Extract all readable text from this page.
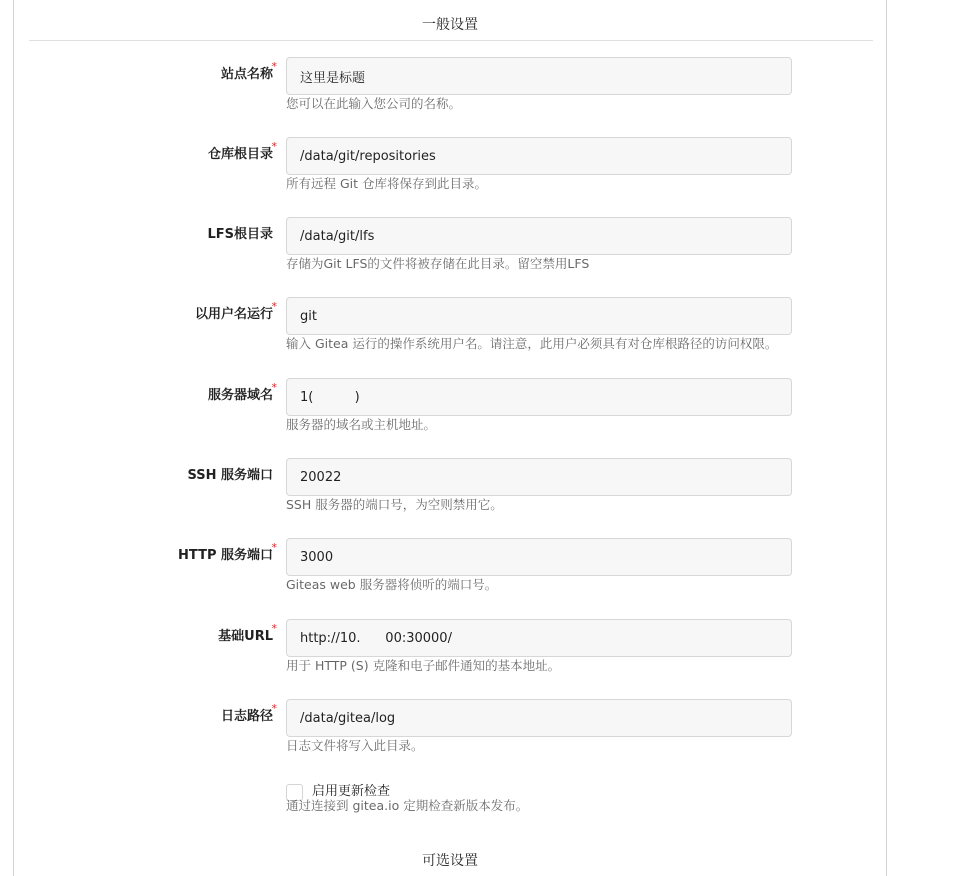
一般设置
站点名称
*
这里是标题
您可以在此输入您公司的名称。
仓库根目录
*
/data/git/repositories
所有远程 Git 仓库将保存到此目录。
LFS根目录
/data/git/lfs
存储为Git LFS的文件将被存储在此目录。留空禁用LFS
以用户名运行
*
git
输入 Gitea 运行的操作系统用户名。请注意，此用户必须具有对仓库根路径的访问权限。
服务器域名
*
1( )
服务器的域名或主机地址。
SSH 服务端口
20022
SSH 服务器的端口号，为空则禁用它。
HTTP 服务端口
*
3000
Giteas web 服务器将侦听的端口号。
基础URL
*
http://10. 00:30000/
用于 HTTP (S) 克隆和电子邮件通知的基本地址。
日志路径
*
/data/gitea/log
日志文件将写入此目录。
启用更新检查
通过连接到 gitea.io 定期检查新版本发布。
可选设置
